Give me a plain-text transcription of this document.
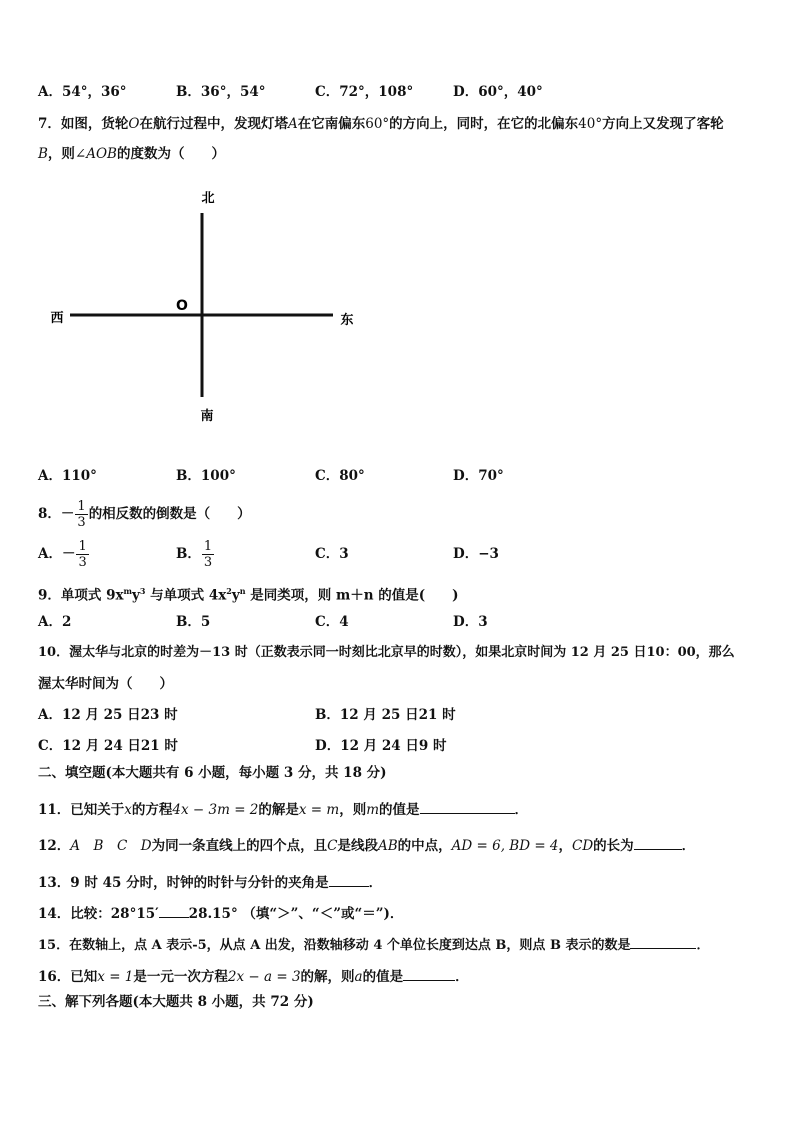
A．54°，36°	B．36°，54°	C．72°，108°	D．60°，40°
7．如图，货轮O在航行过程中，发现灯塔A在它南偏东60°的方向上，同时，在它的北偏东40°方向上又发现了客轮
B，则∠AOB的度数为（　　）
北
南
西	东
O
A．110°	B．100°	C．80°	D．70°
8．－ $\frac{1}{3}$ 的相反数的倒数是（　　）
A．－ $\frac{1}{3}$	B． $\frac{1}{3}$	C．3	D．−3
9．单项式 $9x^my^3$ 与单项式 $4x^2y^n$ 是同类项，则 m＋n 的值是(　　)
A．2	B．5	C．4	D．3
10．渥太华与北京的时差为－13 时（正数表示同一时刻比北京早的时数），如果北京时间为 12 月 25 日10：00，那么
渥太华时间为（　　）
A．12 月 25 日23 时	B．12 月 25 日21 时
C．12 月 24 日21 时	D．12 月 24 日9 时
二、填空题(本大题共有 6 小题，每小题 3 分，共 18 分)
11．已知关于x的方程4x − 3m = 2的解是x = m，则m的值是	．
12．A　B　C　D为同一条直线上的四个点，且C是线段AB的中点，AD = 6, BD = 4，CD的长为	．
13．9 时 45 分时，时钟的时针与分针的夹角是	．
14．比较：28°15′ 28.15° （填“＞”、“＜”或“＝”)．
15．在数轴上，点 A 表示-5，从点 A 出发，沿数轴移动 4 个单位长度到达点 B，则点 B 表示的数是	．
16．已知x = 1是一元一次方程2x − a = 3的解，则a的值是	．
三、解下列各题(本大题共 8 小题，共 72 分)
